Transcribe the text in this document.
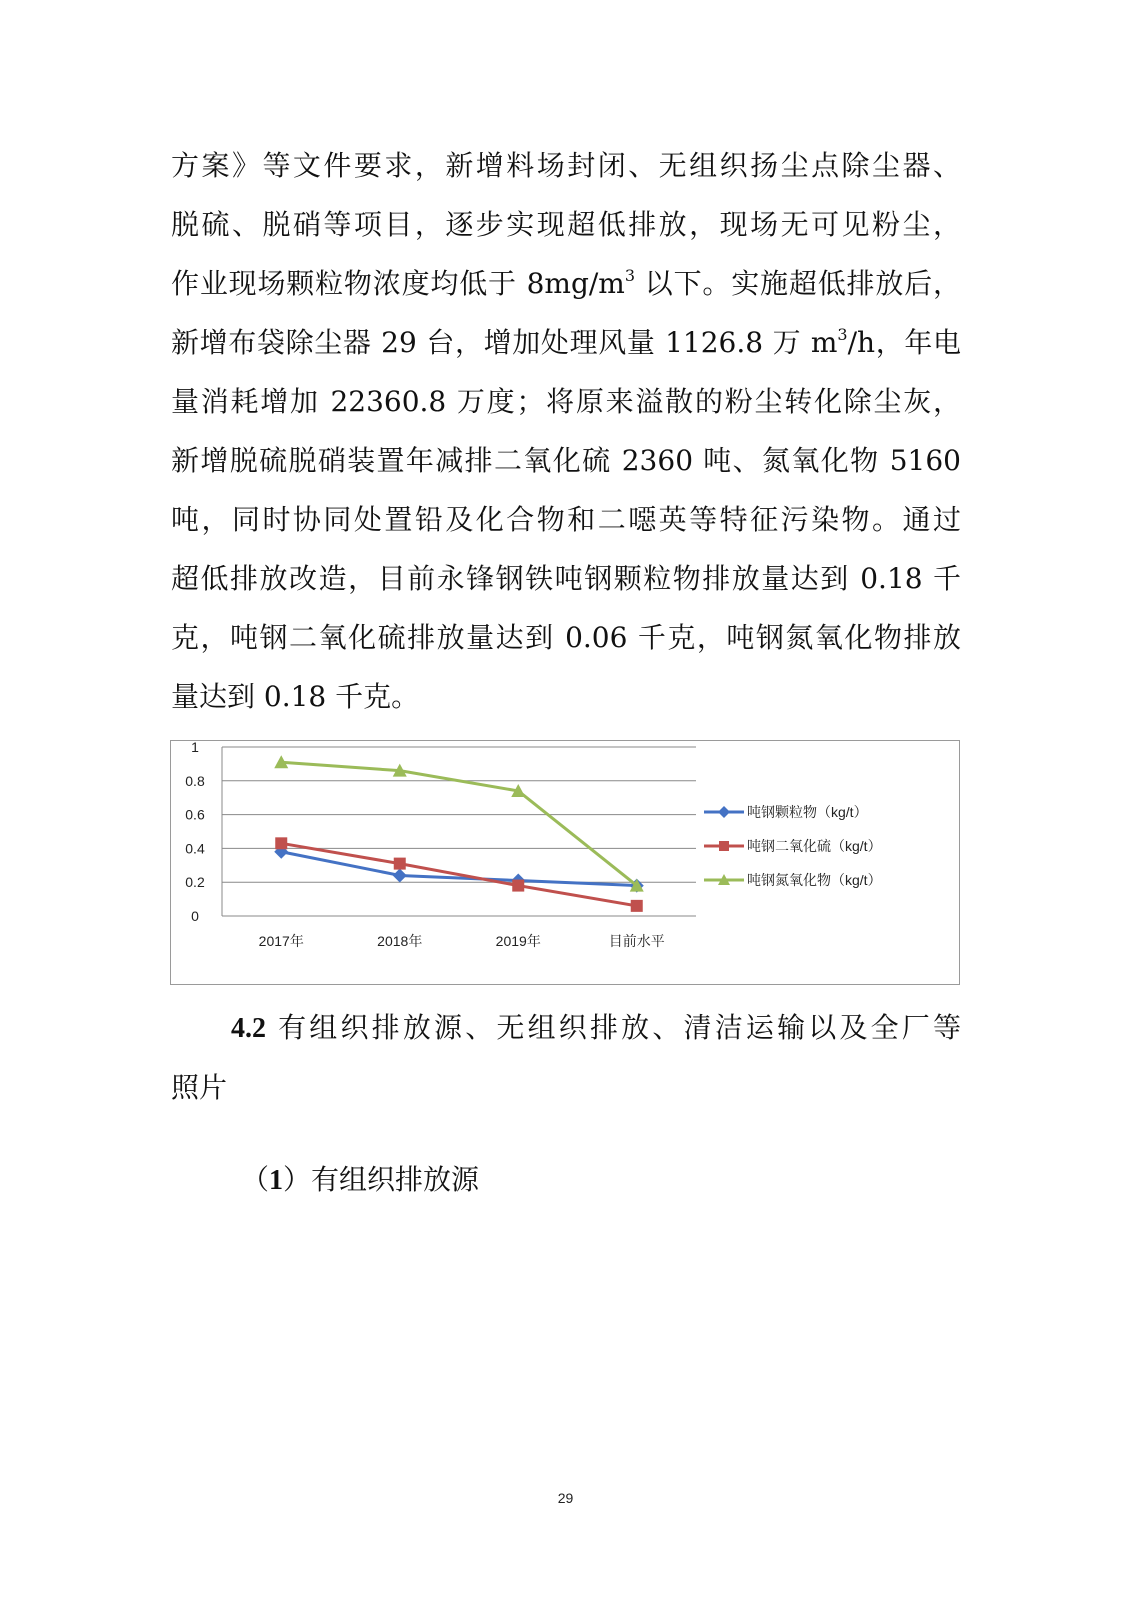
方案》等文件要求，新增料场封闭、无组织扬尘点除尘器、
脱硫、脱硝等项目，逐步实现超低排放，现场无可见粉尘，
作业现场颗粒物浓度均低于 $8mg/m^3$ 以下。实施超低排放后，
新增布袋除尘器 29 台，增加处理风量 1126.8 万 $m^3/h$，年电
量消耗增加 22360.8 万度；将原来溢散的粉尘转化除尘灰，
新增脱硫脱硝装置年减排二氧化硫 2360 吨、氮氧化物 5160
吨，同时协同处置铅及化合物和二噁英等特征污染物。通过
超低排放改造，目前永锋钢铁吨钢颗粒物排放量达到 0.18 千
克，吨钢二氧化硫排放量达到 0.06 千克，吨钢氮氧化物排放
量达到 0.18 千克。
0
0.2
0.4
0.6
0.8
1
2017年	2018年	2019年	目前水平
吨钢颗粒物（kg/t）
吨钢二氧化硫（kg/t）
吨钢氮氧化物（kg/t）
4.2 有组织排放源、无组织排放、清洁运输以及全厂等
照片
（1）有组织排放源
29
